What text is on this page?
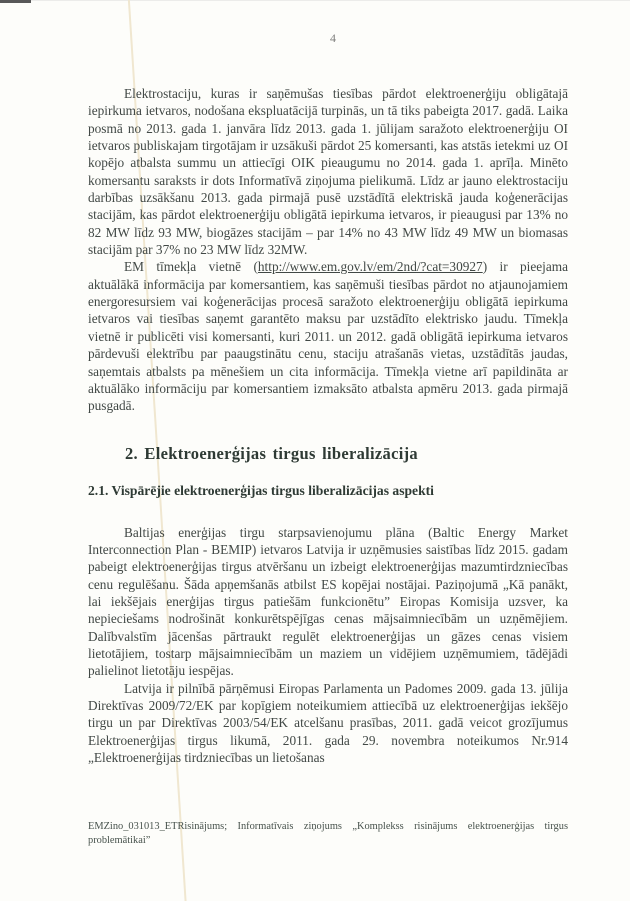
4

Elektrostaciju, kuras ir saņēmušas tiesības pārdot elektroenerģiju obligātajā iepirkuma ietvaros, nodošana ekspluatācijā turpinās, un tā tiks pabeigta 2017. gadā. Laika posmā no 2013. gada 1. janvāra līdz 2013. gada 1. jūlijam saražoto elektroenerģiju OI ietvaros publiskajam tirgotājam ir uzsākuši pārdot 25 komersanti, kas atstās ietekmi uz OI kopējo atbalsta summu un attiecīgi OIK pieaugumu no 2014. gada 1. aprīļa. Minēto komersantu saraksts ir dots Informatīvā ziņojuma pielikumā. Līdz ar jauno elektrostaciju darbības uzsākšanu 2013. gada pirmajā pusē uzstādītā elektriskā jauda koģenerācijas stacijām, kas pārdot elektroenerģiju obligātā iepirkuma ietvaros, ir pieaugusi par 13% no 82 MW līdz 93 MW, biogāzes stacijām – par 14% no 43 MW līdz 49 MW un biomasas stacijām par 37% no 23 MW līdz 32MW.

EM tīmekļa vietnē (http://www.em.gov.lv/em/2nd/?cat=30927) ir pieejama aktuālākā informācija par komersantiem, kas saņēmuši tiesības pārdot no atjaunojamiem energoresursiem vai koģenerācijas procesā saražoto elektroenerģiju obligātā iepirkuma ietvaros vai tiesības saņemt garantēto maksu par uzstādīto elektrisko jaudu. Tīmekļa vietnē ir publicēti visi komersanti, kuri 2011. un 2012. gadā obligātā iepirkuma ietvaros pārdevuši elektrību par paaugstinātu cenu, staciju atrašanās vietas, uzstādītās jaudas, saņemtais atbalsts pa mēnešiem un cita informācija. Tīmekļa vietne arī papildināta ar aktuālāko informāciju par komersantiem izmaksāto atbalsta apmēru 2013. gada pirmajā pusgadā.

2. Elektroenerģijas tirgus liberalizācija
2.1. Vispārējie elektroenerģijas tirgus liberalizācijas aspekti

Baltijas enerģijas tirgu starpsavienojumu plāna (Baltic Energy Market Interconnection Plan - BEMIP) ietvaros Latvija ir uzņēmusies saistības līdz 2015. gadam pabeigt elektroenerģijas tirgus atvēršanu un izbeigt elektroenerģijas mazumtirdzniecības cenu regulēšanu. Šāda apņemšanās atbilst ES kopējai nostājai. Paziņojumā „Kā panākt, lai iekšējais enerģijas tirgus patiešām funkcionētu” Eiropas Komisija uzsver, ka nepieciešams nodrošināt konkurētspējīgas cenas mājsaimniecībām un uzņēmējiem. Dalībvalstīm jācenšas pārtraukt regulēt elektroenerģijas un gāzes cenas visiem lietotājiem, tostarp mājsaimniecībām un maziem un vidējiem uzņēmumiem, tādējādi palielinot lietotāju iespējas.

Latvija ir pilnībā pārņēmusi Eiropas Parlamenta un Padomes 2009. gada 13. jūlija Direktīvas 2009/72/EK par kopīgiem noteikumiem attiecībā uz elektroenerģijas iekšējo tirgu un par Direktīvas 2003/54/EK atcelšanu prasības, 2011. gadā veicot grozījumus Elektroenerģijas tirgus likumā, 2011. gada 29. novembra noteikumos Nr.914 „Elektroenerģijas tirdzniecības un lietošanas

EMZino_031013_ETRisinājums; Informatīvais ziņojums „Komplekss risinājums elektroenerģijas tirgus problemātikai”
